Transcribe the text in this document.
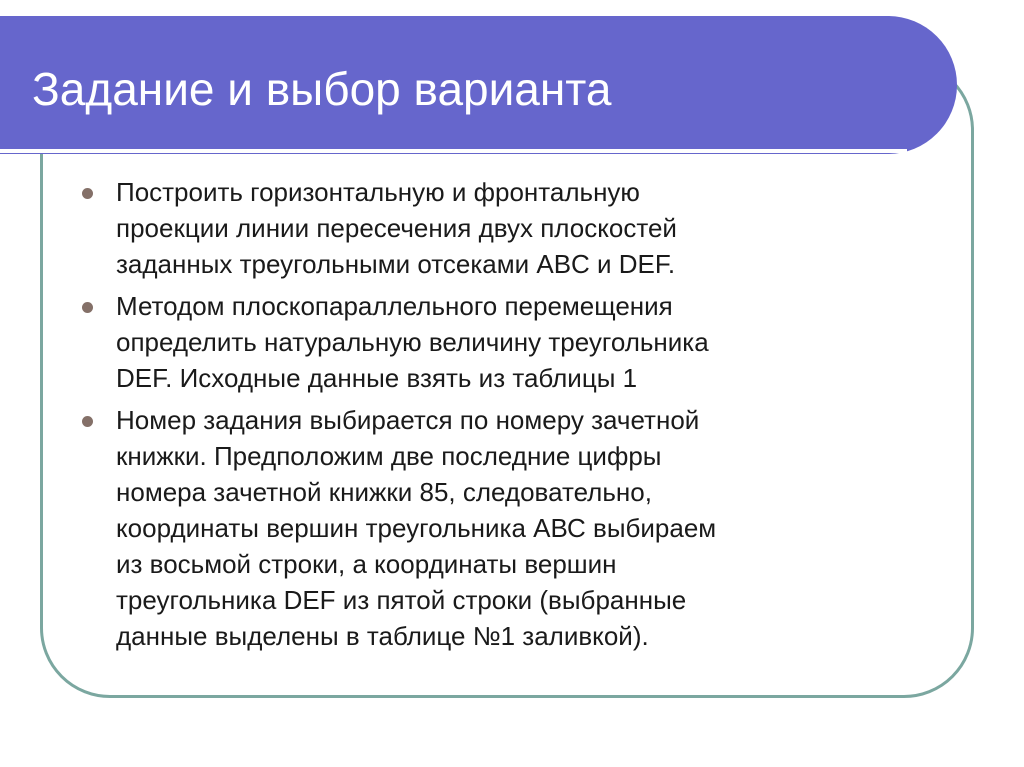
Задание и выбор варианта
Построить горизонтальную и фронтальную
проекции линии пересечения двух плоскостей
заданных треугольными отсеками ABC и DEF.
Методом плоскопараллельного перемещения
определить натуральную величину треугольника
DEF. Исходные данные взять из таблицы 1
Номер задания выбирается по номеру зачетной
книжки. Предположим две последние цифры
номера зачетной книжки 85, следовательно,
координаты вершин треугольника АВС выбираем
из восьмой строки, а координаты вершин
треугольника DEF из пятой строки (выбранные
данные выделены в таблице №1 заливкой).
